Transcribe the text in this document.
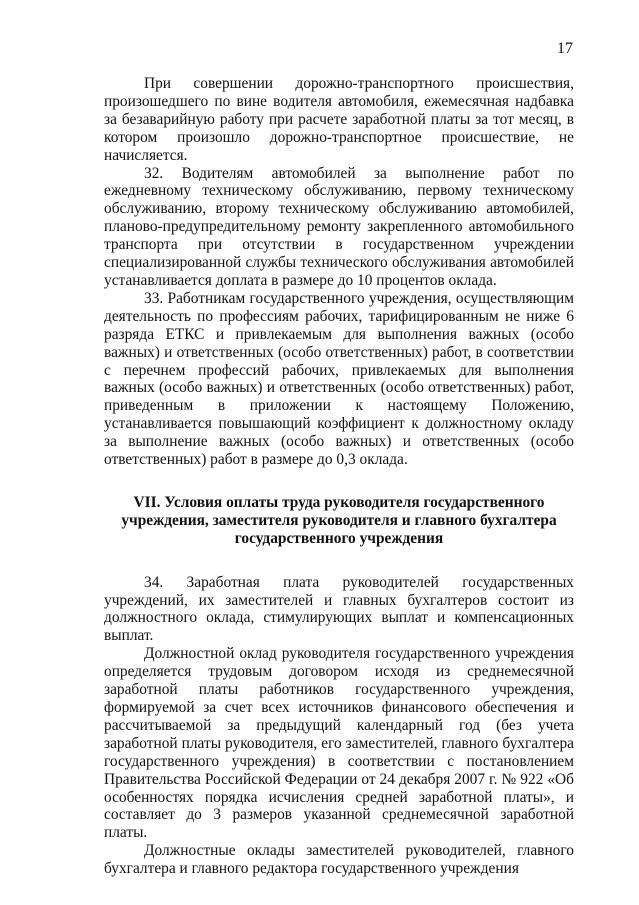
17

При совершении дорожно-транспортного происшествия, произошедшего по вине водителя автомобиля, ежемесячная надбавка за безаварийную работу при расчете заработной платы за тот месяц, в котором произошло дорожно-транспортное происшествие, не начисляется.

32. Водителям автомобилей за выполнение работ по ежедневному техническому обслуживанию, первому техническому обслуживанию, второму техническому обслуживанию автомобилей, планово-предупредительному ремонту закрепленного автомобильного транспорта при отсутствии в государственном учреждении специализированной службы технического обслуживания автомобилей устанавливается доплата в размере до 10 процентов оклада.

33. Работникам государственного учреждения, осуществляющим деятельность по профессиям рабочих, тарифицированным не ниже 6 разряда ЕТКС и привлекаемым для выполнения важных (особо важных) и ответственных (особо ответственных) работ, в соответствии с перечнем профессий рабочих, привлекаемых для выполнения важных (особо важных) и ответственных (особо ответственных) работ, приведенным в приложении к настоящему Положению, устанавливается повышающий коэффициент к должностному окладу за выполнение важных (особо важных) и ответственных (особо ответственных) работ в размере до 0,3 оклада.

VII. Условия оплаты труда руководителя государственного
учреждения, заместителя руководителя и главного бухгалтера
государственного учреждения

34. Заработная плата руководителей государственных учреждений, их заместителей и главных бухгалтеров состоит из должностного оклада, стимулирующих выплат и компенсационных выплат.

Должностной оклад руководителя государственного учреждения определяется трудовым договором исходя из среднемесячной заработной платы работников государственного учреждения, формируемой за счет всех источников финансового обеспечения и рассчитываемой за предыдущий календарный год (без учета заработной платы руководителя, его заместителей, главного бухгалтера государственного учреждения) в соответствии с постановлением Правительства Российской Федерации от 24 декабря 2007 г. № 922 «Об особенностях порядка исчисления средней заработной платы», и составляет до 3 размеров указанной среднемесячной заработной платы.

Должностные оклады заместителей руководителей, главного бухгалтера и главного редактора государственного учреждения
